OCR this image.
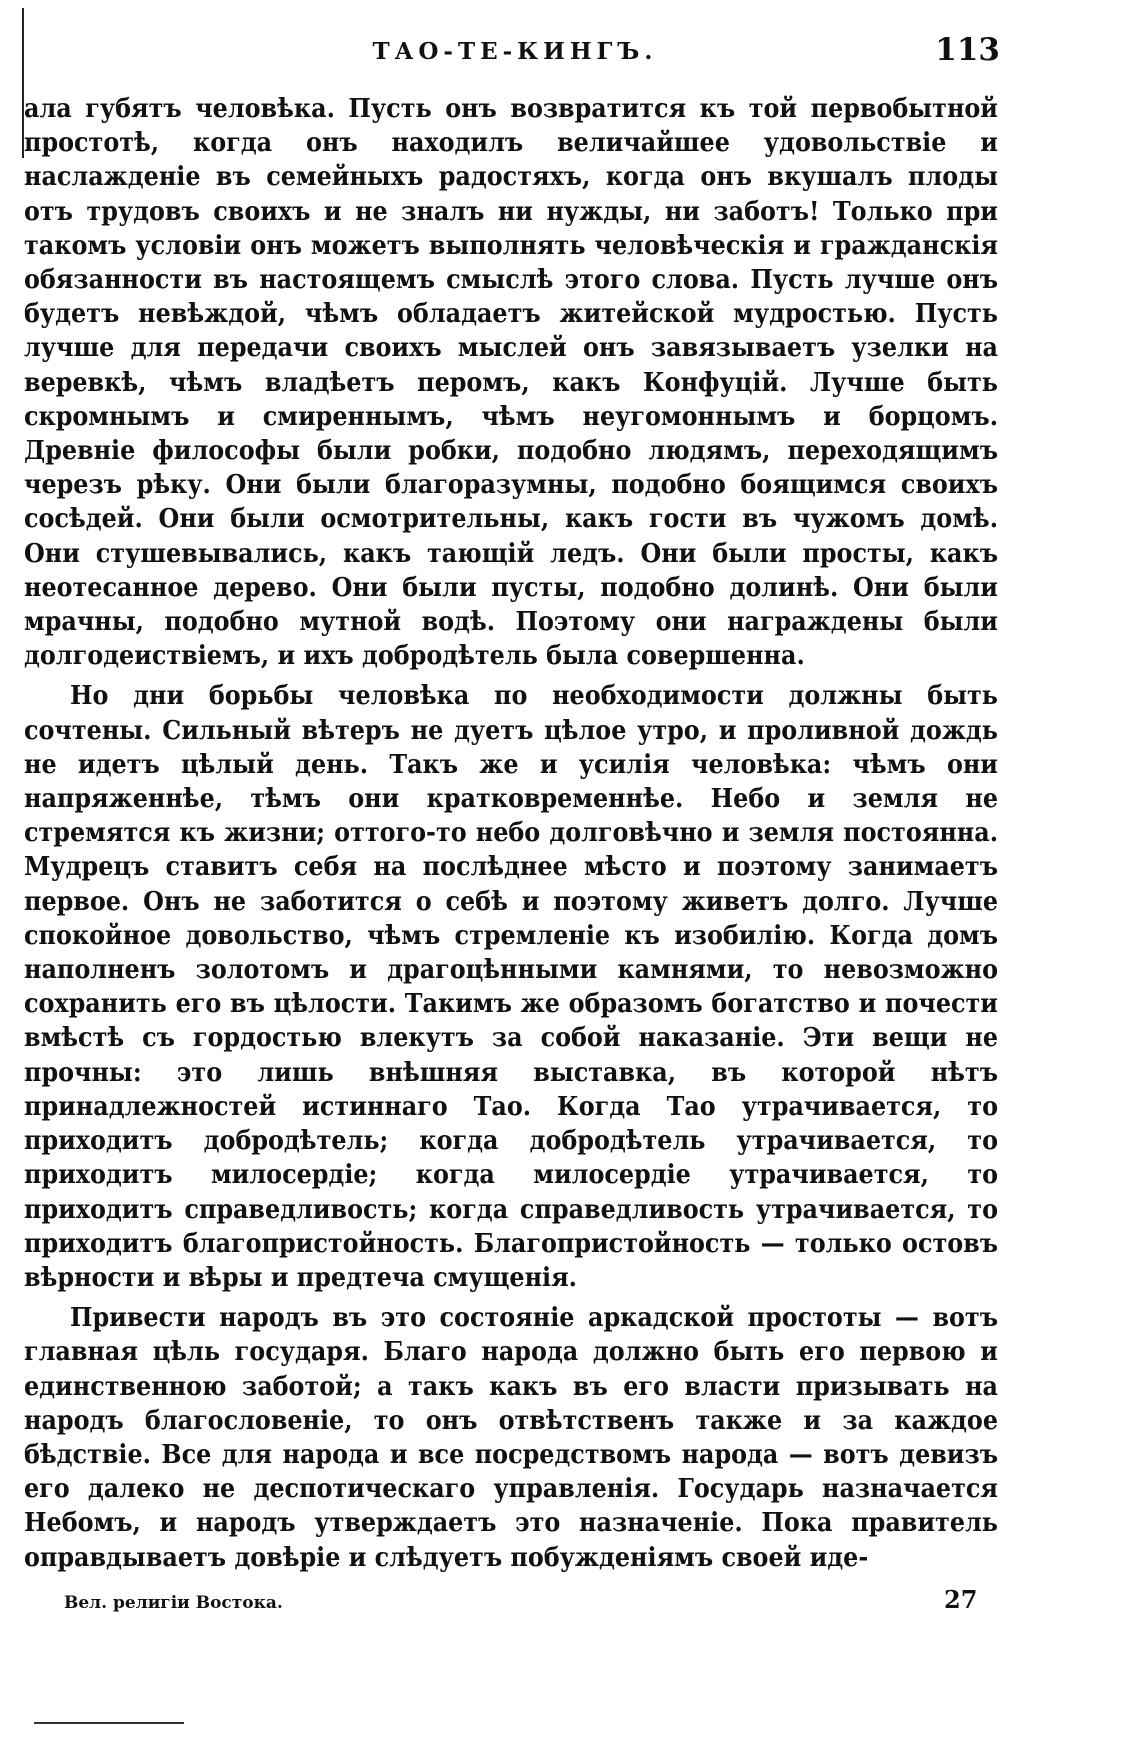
ТАО-ТЕ-КИНГЪ.	113

ала губятъ человѣка. Пусть онъ возвратится къ той первобытной простотѣ, когда онъ находилъ величайшее удовольствіе и наслажденіе въ семейныхъ радостяхъ, когда онъ вкушалъ плоды отъ трудовъ своихъ и не зналъ ни нужды, ни заботъ! Только при такомъ условіи онъ можетъ выполнять человѣческія и гражданскія обязанности въ настоящемъ смыслѣ этого слова. Пусть лучше онъ будетъ невѣждой, чѣмъ обладаетъ житейской мудростью. Пусть лучше для передачи своихъ мыслей онъ завязываетъ узелки на веревкѣ, чѣмъ владѣетъ перомъ, какъ Конфуцій. Лучше быть скромнымъ и смиреннымъ, чѣмъ неугомоннымъ и борцомъ. Древніе философы были робки, подобно людямъ, переходящимъ черезъ рѣку. Они были благоразумны, подобно боящимся своихъ сосѣдей. Они были осмотрительны, какъ гости въ чужомъ домѣ. Они стушевывались, какъ тающій ледъ. Они были просты, какъ неотесанное дерево. Они были пусты, подобно долинѣ. Они были мрачны, подобно мутной водѣ. Поэтому они награждены были долгодеиствіемъ, и ихъ добродѣтель была совершенна.

Но дни борьбы человѣка по необходимости должны быть сочтены. Сильный вѣтеръ не дуетъ цѣлое утро, и проливной дождь не идетъ цѣлый день. Такъ же и усилія человѣка: чѣмъ они напряженнѣе, тѣмъ они кратковременнѣе. Небо и земля не стремятся къ жизни; оттого-то небо долговѣчно и земля постоянна. Мудрецъ ставитъ себя на послѣднее мѣсто и поэтому занимаетъ первое. Онъ не заботится о себѣ и поэтому живетъ долго. Лучше спокойное довольство, чѣмъ стремленіе къ изобилію. Когда домъ наполненъ золотомъ и драгоцѣнными камнями, то невозможно сохранить его въ цѣлости. Такимъ же образомъ богатство и почести вмѣстѣ съ гордостью влекутъ за собой наказаніе. Эти вещи не прочны: это лишь внѣшняя выставка, въ которой нѣтъ принадлежностей истиннаго Тао. Когда Тао утрачивается, то приходитъ добродѣтель; когда добродѣтель утрачивается, то приходитъ милосердіе; когда милосердіе утрачивается, то приходитъ справедливость; когда справедливость утрачивается, то приходитъ благопристойность. Благопристойность — только остовъ вѣрности и вѣры и предтеча смущенія.

Привести народъ въ это состояніе аркадской простоты — вотъ главная цѣль государя. Благо народа должно быть его первою и единственною заботой; а такъ какъ въ его власти призывать на народъ благословеніе, то онъ отвѣтственъ также и за каждое бѣдствіе. Все для народа и все посредствомъ народа — вотъ девизъ его далеко не деспотическаго управленія. Государь назначается Небомъ, и народъ утверждаетъ это назначеніе. Пока правитель оправдываетъ довѣріе и слѣдуетъ побужденіямъ своей иде-

Вел. религіи Востока.	27
